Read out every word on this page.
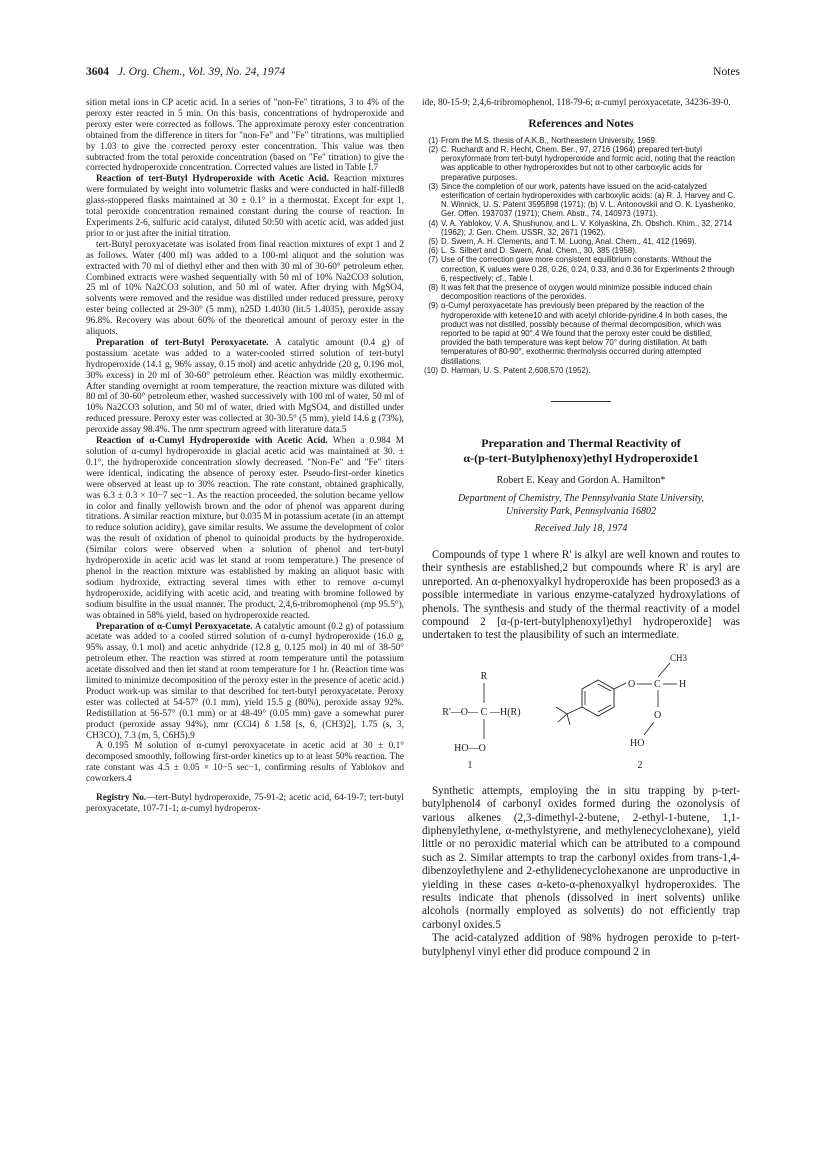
3604 J. Org. Chem., Vol. 39, No. 24, 1974	Notes

sition metal ions in CP acetic acid. In a series of "non-Fe" titrations, 3 to 4% of the peroxy ester reacted in 5 min. On this basis, concentrations of hydroperoxide and peroxy ester were corrected as follows. The approximate peroxy ester concentration obtained from the difference in titers for "non-Fe" and "Fe" titrations, was multiplied by 1.03 to give the corrected peroxy ester concentration. This value was then subtracted from the total peroxide concentration (based on "Fe" titration) to give the corrected hydroperoxide concentration. Corrected values are listed in Table I.7

Reaction of tert-Butyl Hydroperoxide with Acetic Acid. Reaction mixtures were formulated by weight into volumetric flasks and were conducted in half-filled8 glass-stoppered flasks maintained at 30 ± 0.1° in a thermostat. Except for expt 1, total peroxide concentration remained constant during the course of reaction. In Experiments 2-6, sulfuric acid catalyst, diluted 50:50 with acetic acid, was added just prior to or just after the initial titration.

tert-Butyl peroxyacetate was isolated from final reaction mixtures of expt 1 and 2 as follows. Water (400 ml) was added to a 100-ml aliquot and the solution was extracted with 70 ml of diethyl ether and then with 30 ml of 30-60° petroleum ether. Combined extracts were washed sequentially with 50 ml of 10% Na2CO3 solution, 25 ml of 10% Na2CO3 solution, and 50 ml of water. After drying with MgSO4, solvents were removed and the residue was distilled under reduced pressure, peroxy ester being collected at 29-30° (5 mm), n25D 1.4030 (lit.5 1.4035), peroxide assay 96.8%. Recovery was about 60% of the theoretical amount of peroxy ester in the aliquots.

Preparation of tert-Butyl Peroxyacetate. A catalytic amount (0.4 g) of postassium acetate was added to a water-cooled stirred solution of tert-butyl hydroperoxide (14.1 g, 96% assay, 0.15 mol) and acetic anhydride (20 g, 0.196 mol, 30% excess) in 20 ml of 30-60° petroleum ether. Reaction was mildly exothermic. After standing overnight at room temperature, the reaction mixture was diluted with 80 ml of 30-60° petroleum ether, washed successively with 100 ml of water, 50 ml of 10% Na2CO3 solution, and 50 ml of water, dried with MgSO4, and distilled under reduced pressure. Peroxy ester was collected at 30-30.5° (5 mm), yield 14.6 g (73%), peroxide assay 98.4%. The nmr spectrum agreed with literature data.5

Reaction of α-Cumyl Hydroperoxide with Acetic Acid. When a 0.984 M solution of α-cumyl hydroperoxide in glacial acetic acid was maintained at 30. ± 0.1°, the hydroperoxide concentration slowly decreased. "Non-Fe" and "Fe" titers were identical, indicating the absence of peroxy ester. Pseudo-first-order kinetics were observed at least up to 30% reaction. The rate constant, obtained graphically, was 6.3 ± 0.3 × 10−7 sec−1. As the reaction proceeded, the solution became yellow in color and finally yellowish brown and the odor of phenol was apparent during titrations. A similar reaction mixture, but 0.035 M in potassium acetate (in an attempt to reduce solution acidity), gave similar results. We assume the development of color was the result of oxidation of phenol to quinoidal products by the hydroperoxide. (Similar colors were observed when a solution of phenol and tert-butyl hydroperoxide in acetic acid was let stand at room temperature.) The presence of phenol in the reaction mixture was established by making an aliquot basic with sodium hydroxide, extracting several times with ether to remove α-cumyl hydroperoxide, acidifying with acetic acid, and treating with bromine followed by sodium bisulfite in the usual manner. The product, 2,4,6-tribromophenol (mp 95.5°), was obtained in 58% yield, based on hydroperoxide reacted.

Preparation of α-Cumyl Peroxyacetate. A catalytic amount (0.2 g) of potassium acetate was added to a cooled stirred solution of α-cumyl hydroperoxide (16.0 g, 95% assay, 0.1 mol) and acetic anhydride (12.8 g, 0.125 mol) in 40 ml of 38-50° petroleum ether. The reaction was stirred at room temperature until the potassium acetate dissolved and then let stand at room temperature for 1 hr. (Reaction time was limited to minimize decomposition of the peroxy ester in the presence of acetic acid.) Product work-up was similar to that described for tert-butyl peroxyacetate. Peroxy ester was collected at 54-57° (0.1 mm), yield 15.5 g (80%), peroxide assay 92%. Redistillation at 56-57° (0.1 mm) or at 48-49° (0.05 mm) gave a somewhat purer product (peroxide assay 94%), nmr (CCl4) δ 1.58 [s, 6, (CH3)2], 1.75 (s, 3, CH3CO), 7.3 (m, 5, C6H5).9

A 0.195 M solution of α-cumyl peroxyacetate in acetic acid at 30 ± 0.1° decomposed smoothly, following first-order kinetics up to at least 50% reaction. The rate constant was 4.5 ± 0.05 × 10−5 sec−1, confirming results of Yablokov and coworkers.4

Registry No.—tert-Butyl hydroperoxide, 75-91-2; acetic acid, 64-19-7; tert-butyl peroxyacetate, 107-71-1; α-cumyl hydroperox-

ide, 80-15-9; 2,4,6-tribromophenol, 118-79-6; α-cumyl peroxyacetate, 34236-39-0.

References and Notes
(1) From the M.S. thesis of A.K.B., Northeastern University, 1969.
(2) C. Ruchardt and R. Hecht, Chem. Ber., 97, 2716 (1964) prepared tert-butyl peroxyformate from tert-butyl hydroperoxide and formic acid, noting that the reaction was applicable to other hydroperoxides but not to other carboxylic acids for preparative purposes.
(3) Since the completion of our work, patents have issued on the acid-catalyzed esterification of certain hydroperoxides with carboxylic acids: (a) R. J. Harvey and C. N. Winnick, U. S. Patent 3595898 (1971); (b) V. L. Antonovskii and O. K. Lyashenko, Ger. Offen. 1937037 (1971); Chem. Abstr., 74, 140973 (1971).
(4) V. A. Yablokov, V. A. Shushunov, and L. V. Kolyaskina, Zh. Obshch. Khim., 32, 2714 (1962); J. Gen. Chem. USSR, 32, 2671 (1962).
(5) D. Swern, A. H. Clements, and T. M. Luong, Anal. Chem., 41, 412 (1969).
(6) L. S. Silbert and D. Swern, Anal. Chem., 30, 385 (1958).
(7) Use of the correction gave more consistent equilibrium constants. Without the correction, K values were 0.28, 0.26, 0.24, 0.33, and 0.36 for Experiments 2 through 6, respectively; cf., Table I.
(8) It was felt that the presence of oxygen would minimize possible induced chain decomposition reactions of the peroxides.
(9) α-Cumyl peroxyacetate has previously been prepared by the reaction of the hydroperoxide with ketene10 and with acetyl chloride-pyridine.4 In both cases, the product was not distilled, possibly because of thermal decomposition, which was reported to be rapid at 90°.4 We found that the peroxy ester could be distilled, provided the bath temperature was kept below 70° during distillation. At bath temperatures of 80-90°, exothermic thermolysis occurred during attempted distillations.
(10) D. Harman, U. S. Patent 2,608,570 (1952).
Preparation and Thermal Reactivity of
α-(p-tert-Butylphenoxy)ethyl Hydroperoxide1
Robert E. Keay and Gordon A. Hamilton*
Department of Chemistry, The Pennsylvania State University,
University Park, Pennsylvania 16802
Received July 18, 1974

Compounds of type 1 where R' is alkyl are well known and routes to their synthesis are established,2 but compounds where R' is aryl are unreported. An α-phenoxyalkyl hydroperoxide has been proposed3 as a possible intermediate in various enzyme-catalyzed hydroxylations of phenols. The synthesis and study of the thermal reactivity of a model compound 2 [α-(p-tert-butylphenoxyl)ethyl hydroperoxide] was undertaken to test the plausibility of such an intermediate.

R
R'—O— C —H(R)
HO—O
1
O C H
CH3
O
HO
2

Synthetic attempts, employing the in situ trapping by p-tert-butylphenol4 of carbonyl oxides formed during the ozonolysis of various alkenes (2,3-dimethyl-2-butene, 2-ethyl-1-butene, 1,1-diphenylethylene, α-methylstyrene, and methylenecyclohexane), yield little or no peroxidic material which can be attributed to a compound such as 2. Similar attempts to trap the carbonyl oxides from trans-1,4-dibenzoylethylene and 2-ethylidenecyclohexanone are unproductive in yielding in these cases α-keto-α-phenoxyalkyl hydroperoxides. The results indicate that phenols (dissolved in inert solvents) unlike alcohols (normally employed as solvents) do not efficiently trap carbonyl oxides.5

The acid-catalyzed addition of 98% hydrogen peroxide to p-tert-butylphenyl vinyl ether did produce compound 2 in
